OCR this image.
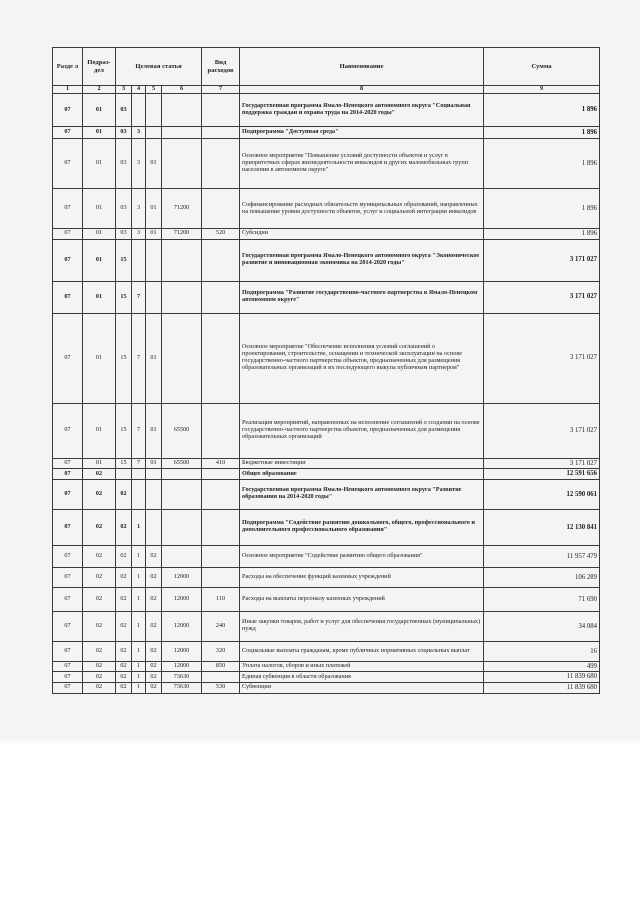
Разде л	Подраз- дел	Целевая статья				Вид расходов	Наименование	Сумма
1	2	3	4	5	6	7	8	9
07	01	03					Государственная программа Ямало-Ненецкого автономного округа "Социальная поддержка граждан и охрана труда на 2014-2020 годы"	1 896
07	01	03	3				Подпрограмма "Доступная среда"	1 896
07	01	03	3	01			Основное мероприятие "Повышение условий доступности объектов и услуг в приоритетных сферах жизнедеятельности инвалидов и других маломобильных групп населения в автономном округе"	1 896
07	01	03	3	01	71200		Софинансирование расходных обязательств муниципальных образований, направленных на повышение уровня доступности объектов, услуг и социальной интеграции инвалидов	1 896
07	01	03	3	01	71200	520	Субсидии	1 896
07	01	15					Государственная программа Ямало-Ненецкого автономного округа "Экономическое развитие и инновационная экономика на 2014-2020 годы"	3 171 027
07	01	15	7				Подпрограмма "Развитие государственно-частного партнерства в Ямало-Ненецком автономном округе"	3 171 027
07	01	15	7	01			Основное мероприятие "Обеспечение исполнения условий соглашений о проектировании, строительстве, оснащении и технической эксплуатации на основе государственно-частного партнерства объектов, предназначенных для размещения образовательных организаций и их последующего выкупа публичным партнером"	3 171 027
07	01	15	7	01	65500		Реализация мероприятий, направленных на исполнение соглашений о создании на основе государственно-частного партнерства объектов, предназначенных для размещения образовательных организаций	3 171 027
07	01	15	7	01	65500	410	Бюджетные инвестиции	3 171 027
07	02						Общее образование	12 591 656
07	02	02					Государственная программа Ямало-Ненецкого автономного округа "Развитие образования на 2014-2020 годы"	12 590 061
07	02	02	1				Подпрограмма "Содействие развитию дошкольного, общего, профессионального и дополнительного профессионального образования"	12 130 841
07	02	02	1	02			Основное мероприятие "Содействие развитию общего образования"	11 957 479
07	02	02	1	02	12000		Расходы на обеспечение функций казенных учреждений	106 289
07	02	02	1	02	12000	110	Расходы на выплаты персоналу казенных учреждений	71 690
07	02	02	1	02	12000	240	Иные закупки товаров, работ и услуг для обеспечения государственных (муниципальных) нужд	34 084
07	02	02	1	02	12000	320	Социальные выплаты гражданам, кроме публичных нормативных социальных выплат	16
07	02	02	1	02	12000	850	Уплата налогов, сборов и иных платежей	499
07	02	02	1	02	73630		Единая субвенция в области образования	11 839 680
07	02	02	1	02	73630	530	Субвенции	11 839 680
